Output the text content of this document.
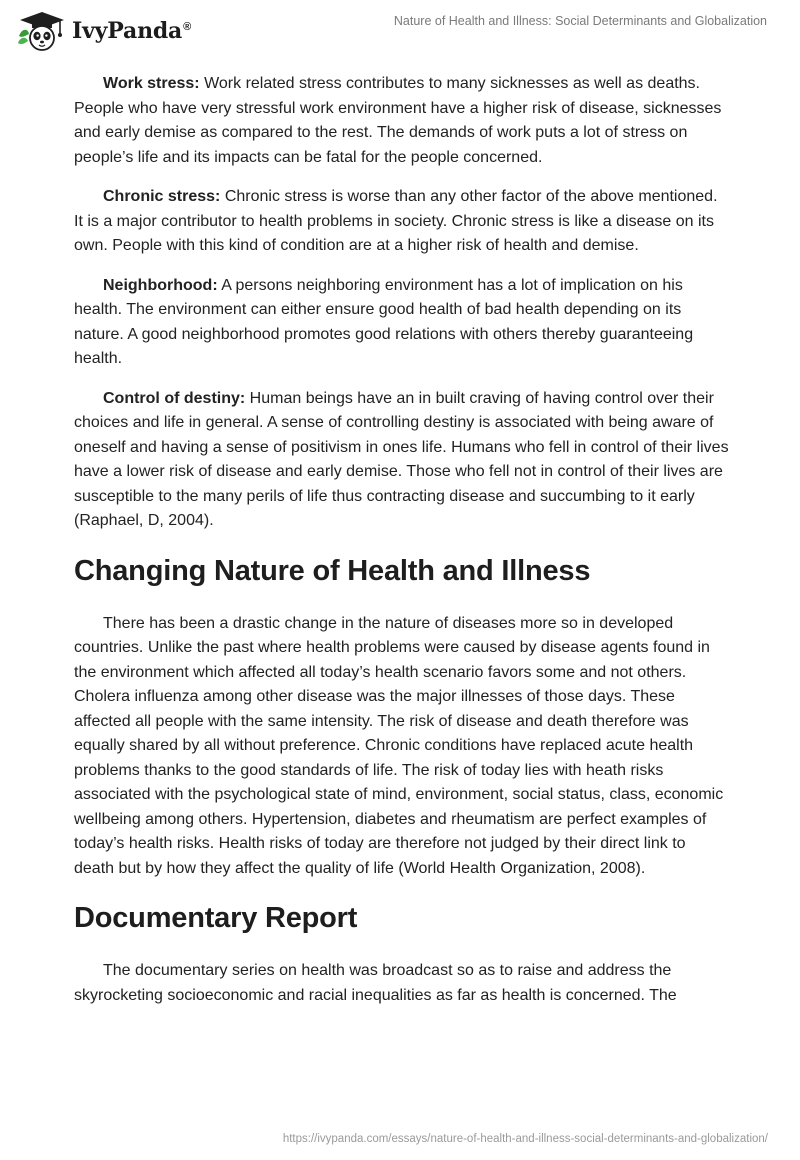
IvyPanda®	Nature of Health and Illness: Social Determinants and Globalization

Work stress: Work related stress contributes to many sicknesses as well as deaths. People who have very stressful work environment have a higher risk of disease, sicknesses and early demise as compared to the rest. The demands of work puts a lot of stress on people’s life and its impacts can be fatal for the people concerned.

Chronic stress: Chronic stress is worse than any other factor of the above mentioned. It is a major contributor to health problems in society. Chronic stress is like a disease on its own. People with this kind of condition are at a higher risk of health and demise.

Neighborhood: A persons neighboring environment has a lot of implication on his health. The environment can either ensure good health of bad health depending on its nature. A good neighborhood promotes good relations with others thereby guaranteeing health.

Control of destiny: Human beings have an in built craving of having control over their choices and life in general. A sense of controlling destiny is associated with being aware of oneself and having a sense of positivism in ones life. Humans who fell in control of their lives have a lower risk of disease and early demise. Those who fell not in control of their lives are susceptible to the many perils of life thus contracting disease and succumbing to it early (Raphael, D, 2004).

Changing Nature of Health and Illness

There has been a drastic change in the nature of diseases more so in developed countries. Unlike the past where health problems were caused by disease agents found in the environment which affected all today’s health scenario favors some and not others. Cholera influenza among other disease was the major illnesses of those days. These affected all people with the same intensity. The risk of disease and death therefore was equally shared by all without preference. Chronic conditions have replaced acute health problems thanks to the good standards of life. The risk of today lies with heath risks associated with the psychological state of mind, environment, social status, class, economic wellbeing among others. Hypertension, diabetes and rheumatism are perfect examples of today’s health risks. Health risks of today are therefore not judged by their direct link to death but by how they affect the quality of life (World Health Organization, 2008).

Documentary Report

The documentary series on health was broadcast so as to raise and address the skyrocketing socioeconomic and racial inequalities as far as health is concerned. The

https://ivypanda.com/essays/nature-of-health-and-illness-social-determinants-and-globalization/
